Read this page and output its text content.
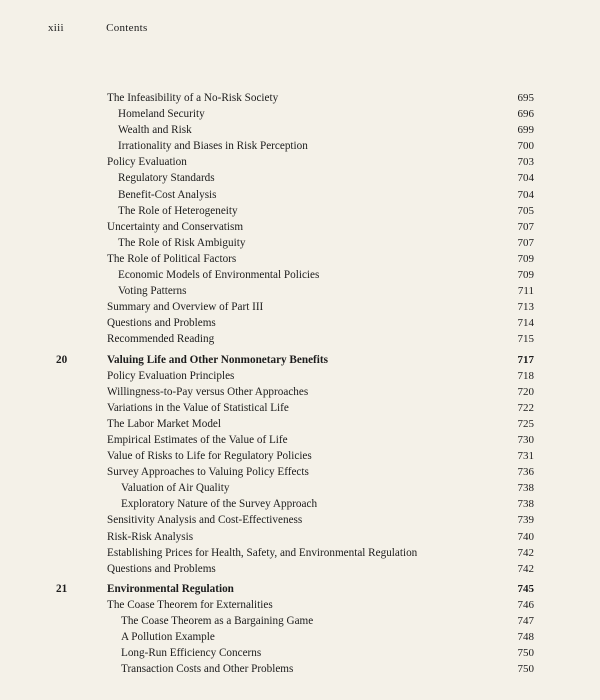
xiii	Contents
The Infeasibility of a No-Risk Society	695
Homeland Security	696
Wealth and Risk	699
Irrationality and Biases in Risk Perception	700
Policy Evaluation	703
Regulatory Standards	704
Benefit-Cost Analysis	704
The Role of Heterogeneity	705
Uncertainty and Conservatism	707
The Role of Risk Ambiguity	707
The Role of Political Factors	709
Economic Models of Environmental Policies	709
Voting Patterns	711
Summary and Overview of Part III	713
Questions and Problems	714
Recommended Reading	715
20	Valuing Life and Other Nonmonetary Benefits	717
Policy Evaluation Principles	718
Willingness-to-Pay versus Other Approaches	720
Variations in the Value of Statistical Life	722
The Labor Market Model	725
Empirical Estimates of the Value of Life	730
Value of Risks to Life for Regulatory Policies	731
Survey Approaches to Valuing Policy Effects	736
Valuation of Air Quality	738
Exploratory Nature of the Survey Approach	738
Sensitivity Analysis and Cost-Effectiveness	739
Risk-Risk Analysis	740
Establishing Prices for Health, Safety, and Environmental Regulation	742
Questions and Problems	742
21	Environmental Regulation	745
The Coase Theorem for Externalities	746
The Coase Theorem as a Bargaining Game	747
A Pollution Example	748
Long-Run Efficiency Concerns	750
Transaction Costs and Other Problems	750
